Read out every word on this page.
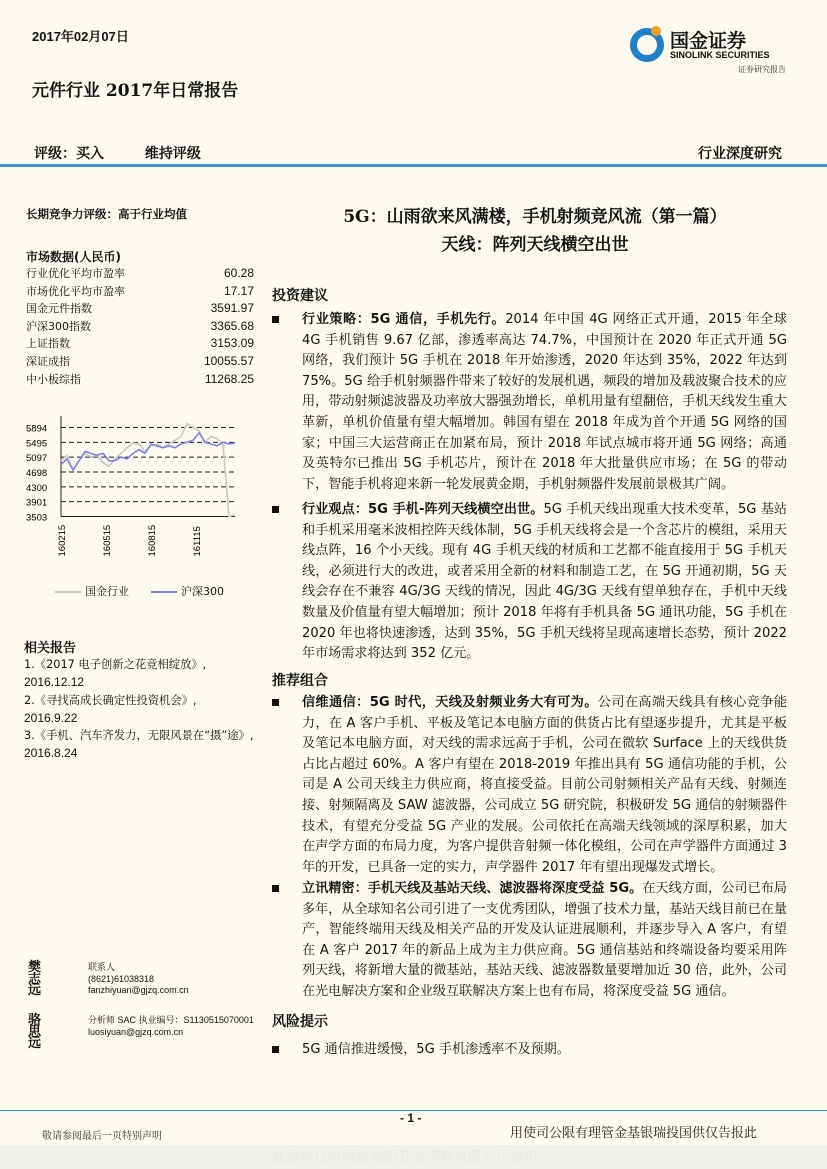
2017年02月07日
元件行业 2017年日常报告
国金证券
SINOLINK SECURITIES
证券研究报告
评级：买入	维持评级	行业深度研究
长期竞争力评级：高于行业均值	5G：山雨欲来风满楼，手机射频竞风流（第一篇）
天线：阵列天线横空出世
市场数据(人民币)
行业优化平均市盈率	60.28
市场优化平均市盈率	17.17
国金元件指数	3591.97
沪深300指数	3365.68
上证指数	3153.09
深证成指	10055.57
中小板综指	11268.25
5894
5495
5097
4698
4300
3901
3503
160215	160515	160815	161115
国金行业	沪深300
相关报告
1.《2017 电子创新之花竞相绽放》,
2016.12.12
2.《寻找高成长确定性投资机会》,
2016.9.22
3.《手机、汽车齐发力，无限风景在“摄”途》,
2016.8.24
樊志远
联系人
(8621)61038318
fanzhiyuan@gjzq.com.cn
骆思远
分析师 SAC 执业编号：S1130515070001
luosiyuan@gjzq.com.cn
投资建议
行业策略：5G 通信，手机先行。2014 年中国 4G 网络正式开通，2015 年全球 4G 手机销售 9.67 亿部，渗透率高达 74.7%，中国预计在 2020 年正式开通 5G 网络，我们预计 5G 手机在 2018 年开始渗透，2020 年达到 35%，2022 年达到 75%。5G 给手机射频器件带来了较好的发展机遇，频段的增加及载波聚合技术的应用，带动射频滤波器及功率放大器强劲增长，单机用量有望翻倍，手机天线发生重大革新，单机价值量有望大幅增加。韩国有望在 2018 年成为首个开通 5G 网络的国家；中国三大运营商正在加紧布局，预计 2018 年试点城市将开通 5G 网络；高通及英特尔已推出 5G 手机芯片，预计在 2018 年大批量供应市场；在 5G 的带动下，智能手机将迎来新一轮发展黄金期，手机射频器件发展前景极其广阔。
行业观点：5G 手机-阵列天线横空出世。5G 手机天线出现重大技术变革，5G 基站和手机采用毫米波相控阵天线体制，5G 手机天线将会是一个含芯片的模组，采用天线点阵，16 个小天线。现有 4G 手机天线的材质和工艺都不能直接用于 5G 手机天线，必须进行大的改进，或者采用全新的材料和制造工艺，在 5G 开通初期，5G 天线会存在不兼容 4G/3G 天线的情况，因此 4G/3G 天线有望单独存在，手机中天线数量及价值量有望大幅增加；预计 2018 年将有手机具备 5G 通讯功能，5G 手机在 2020 年也将快速渗透，达到 35%，5G 手机天线将呈现高速增长态势，预计 2022 年市场需求将达到 352 亿元。
推荐组合
信维通信：5G 时代，天线及射频业务大有可为。公司在高端天线具有核心竞争能力，在 A 客户手机、平板及笔记本电脑方面的供货占比有望逐步提升，尤其是平板及笔记本电脑方面，对天线的需求远高于手机，公司在微软 Surface 上的天线供货占比占超过 60%。A 客户有望在 2018-2019 年推出具有 5G 通信功能的手机，公司是 A 公司天线主力供应商，将直接受益。目前公司射频相关产品有天线、射频连接、射频隔离及 SAW 滤波器，公司成立 5G 研究院，积极研发 5G 通信的射频器件技术，有望充分受益 5G 产业的发展。公司依托在高端天线领域的深厚积累，加大在声学方面的布局力度，为客户提供音射频一体化模组，公司在声学器件方面通过 3 年的开发，已具备一定的实力，声学器件 2017 年有望出现爆发式增长。
立讯精密：手机天线及基站天线、滤波器将深度受益 5G。在天线方面，公司已布局多年，从全球知名公司引进了一支优秀团队，增强了技术力量，基站天线目前已在量产，智能终端用天线及相关产品的开发及认证进展顺利，并逐步导入 A 客户，有望在 A 客户 2017 年的新品上成为主力供应商。5G 通信基站和终端设备均要采用阵列天线，将新增大量的微基站，基站天线、滤波器数量要增加近 30 倍，此外，公司在光电解决方案和企业级互联解决方案上也有布局，将深度受益 5G 通信。
风险提示
5G 通信推进缓慢，5G 手机渗透率不及预期。
- 1 -
敬请参阅最后一页特别声明	用使司公限有理管金基银瑞投国供仅告报此
此报告仅供国投瑞银基金管理有限公司使用
